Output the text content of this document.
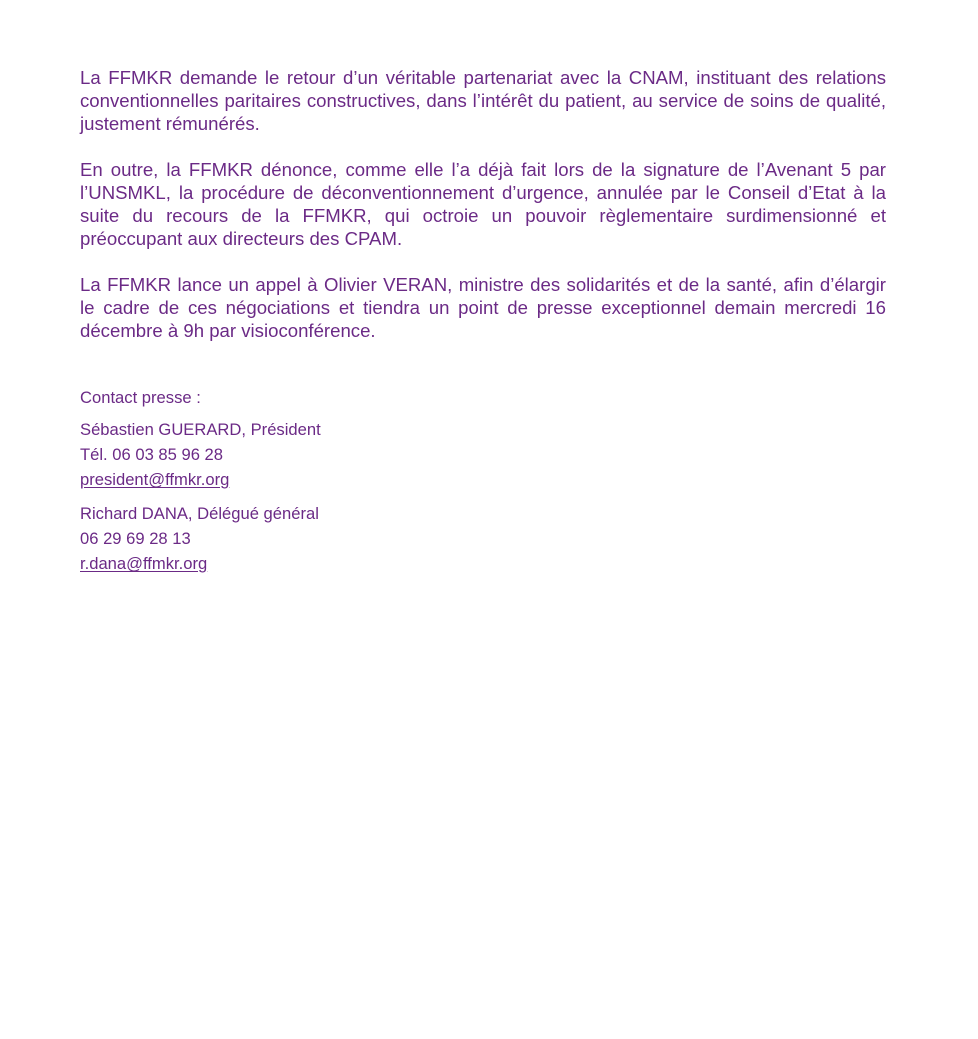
La FFMKR demande le retour d’un véritable partenariat avec la CNAM, instituant des relations conventionnelles paritaires constructives, dans l’intérêt du patient, au service de soins de qualité, justement rémunérés.

En outre, la FFMKR dénonce, comme elle l’a déjà fait lors de la signature de l’Avenant 5 par l’UNSMKL, la procédure de déconventionnement d’urgence, annulée par le Conseil d’Etat à la suite du recours de la FFMKR, qui octroie un pouvoir règlementaire surdimensionné et préoccupant aux directeurs des CPAM.

La FFMKR lance un appel à Olivier VERAN, ministre des solidarités et de la santé, afin d’élargir le cadre de ces négociations et tiendra un point de presse exceptionnel demain mercredi 16 décembre à 9h par visioconférence.

Contact presse :
Sébastien GUERARD, Président
Tél. 06 03 85 96 28
president@ffmkr.org
Richard DANA, Délégué général
06 29 69 28 13
r.dana@ffmkr.org
